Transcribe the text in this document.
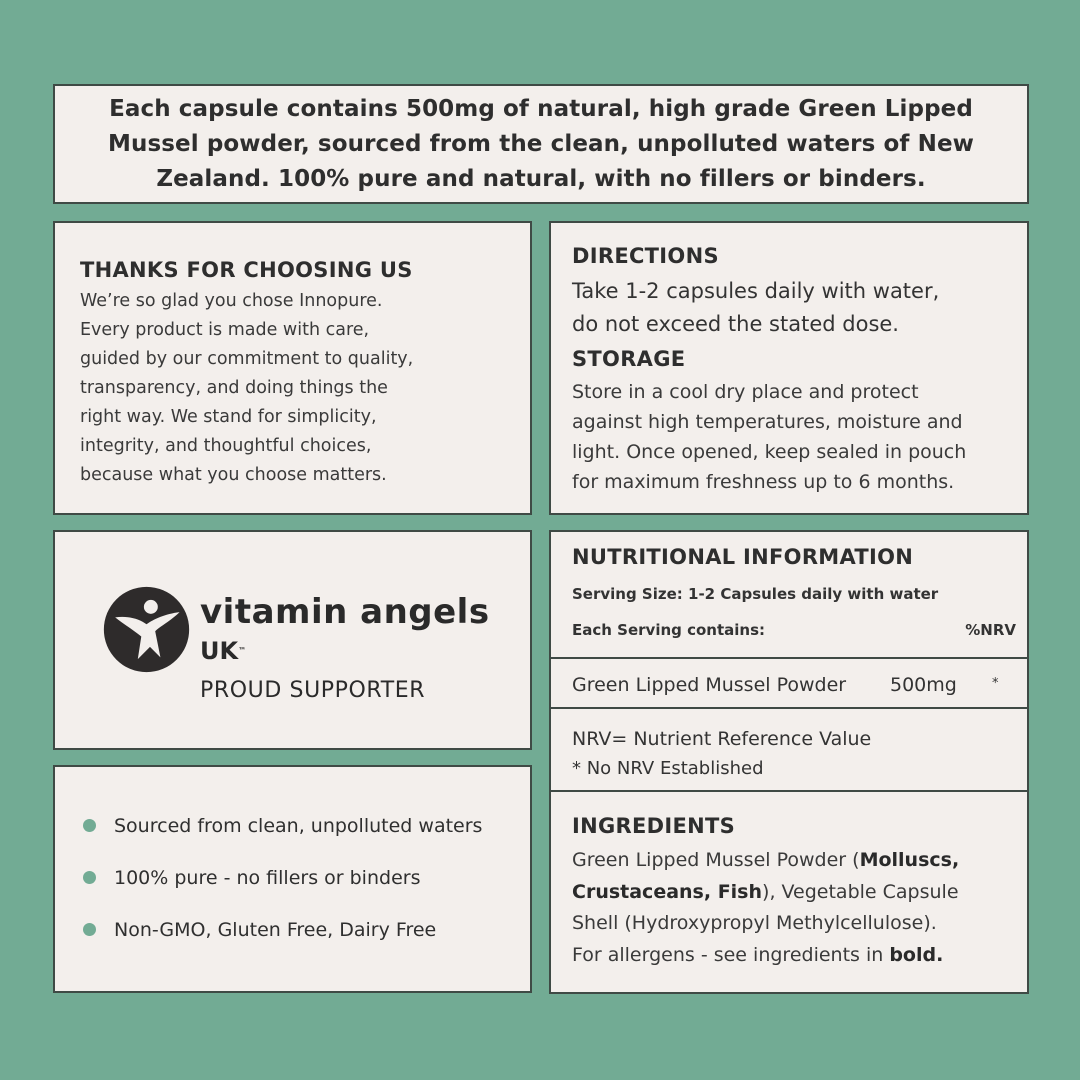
Each capsule contains 500mg of natural, high grade Green Lipped
Mussel powder, sourced from the clean, unpolluted waters of New
Zealand. 100% pure and natural, with no fillers or binders.

THANKS FOR CHOOSING US

We’re so glad you chose Innopure.
Every product is made with care,
guided by our commitment to quality,
transparency, and doing things the
right way. We stand for simplicity,
integrity, and thoughtful choices,
because what you choose matters.

DIRECTIONS

Take 1-2 capsules daily with water,
do not exceed the stated dose.

STORAGE

Store in a cool dry place and protect
against high temperatures, moisture and
light. Once opened, keep sealed in pouch
for maximum freshness up to 6 months.

vitamin angels
UK™
PROUD SUPPORTER
Sourced from clean, unpolluted waters
100% pure - no fillers or binders
Non-GMO, Gluten Free, Dairy Free
NUTRITIONAL INFORMATION
Serving Size: 1-2 Capsules daily with water
Each Serving contains:	%NRV
Green Lipped Mussel Powder 500mg	*
NRV= Nutrient Reference Value
* No NRV Established
INGREDIENTS

Green Lipped Mussel Powder (Molluscs,
Crustaceans, Fish), Vegetable Capsule
Shell (Hydroxypropyl Methylcellulose).
For allergens - see ingredients in bold.
